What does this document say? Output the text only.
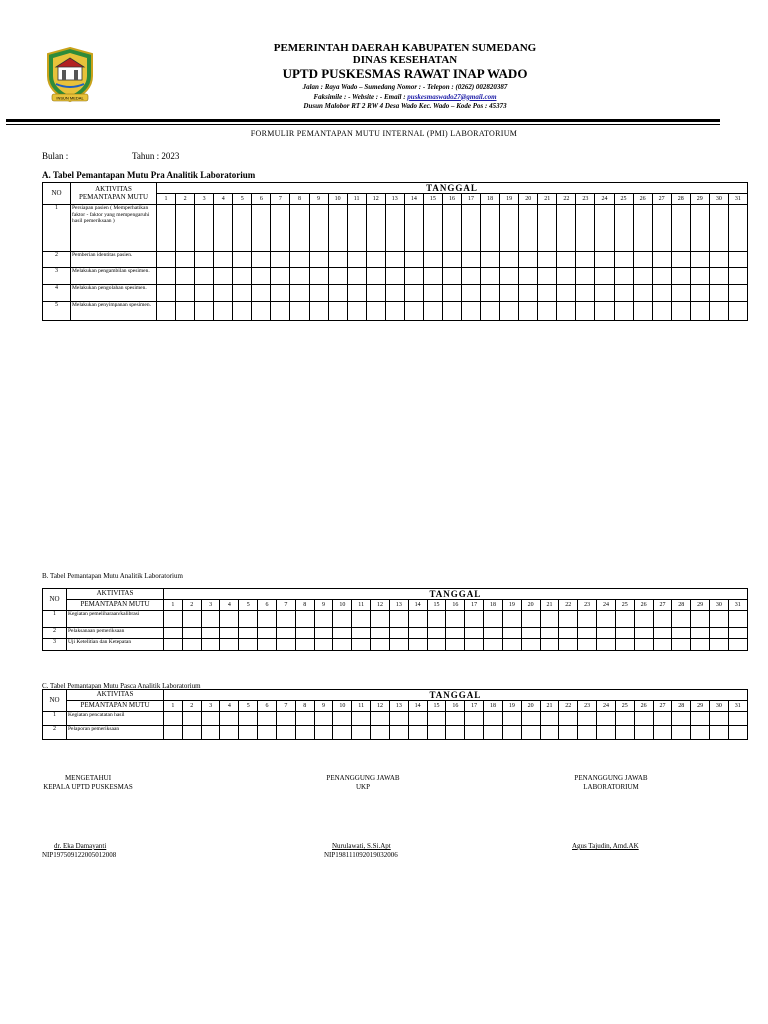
INSUN MEDAL
PEMERINTAH DAERAH KABUPATEN SUMEDANG
DINAS KESEHATAN
UPTD PUSKESMAS RAWAT INAP WADO
Jalan : Raya Wado – Sumedang Nomor : - Telepon : (0262) 002820387
Faksimile : - Website : - Email : puskesmaswado27@gmail.com
Dusun Malobor RT 2 RW 4 Desa Wado Kec. Wado – Kode Pos : 45373
FORMULIR PEMANTAPAN MUTU INTERNAL (PMI) LABORATORIUM
Bulan :	Tahun : 2023
A. Tabel Pemantapan Mutu Pra Analitik Laboratorium
NO	AKTIVITAS PEMANTAPAN MUTU	TANGGAL																														
		1	2	3	4	5	6	7	8	9	10	11	12	13	14	15	16	17	18	19	20	21	22	23	24	25	26	27	28	29	30	31
1	Persiapan pasien ( Memperhatikan faktor - faktor yang mempengaruhi hasil pemeriksaan )																															
2	Pemberian identitas pasien.																															
3	Melakukan pengambilan spesimen.																															
4	Melakukan pengolahan spesimen.																															
5	Melakukan penyimpanan spesimen.																															
B. Tabel Pemantapan Mutu Analitik Laboratorium
NO	AKTIVITAS	TANGGAL																														
	PEMANTAPAN MUTU	1	2	3	4	5	6	7	8	9	10	11	12	13	14	15	16	17	18	19	20	21	22	23	24	25	26	27	28	29	30	31
1	Kegiatan pemeliharaan/kalibrasi																															
2	Pelaksanaan pemeriksaan																															
3	Uji Ketelitian dan Ketepatan																															
C. Tabel Pemantapan Mutu Pasca Analitik Laboratorium
NO	AKTIVITAS	TANGGAL																														
	PEMANTAPAN MUTU	1	2	3	4	5	6	7	8	9	10	11	12	13	14	15	16	17	18	19	20	21	22	23	24	25	26	27	28	29	30	31
1	Kegiatan pencatatan hasil																															
2	Pelaporan pemeriksaan																															
MENGETAHUI
KEPALA UPTD PUSKESMAS
PENANGGUNG JAWAB
UKP
PENANGGUNG JAWAB
LABORATORIUM
dr. Eka Damayanti
NIP197509122005012008
Nurulawati, S.Si.Apt
NIP198111092019032006
Agus Tajudin, Amd.AK
